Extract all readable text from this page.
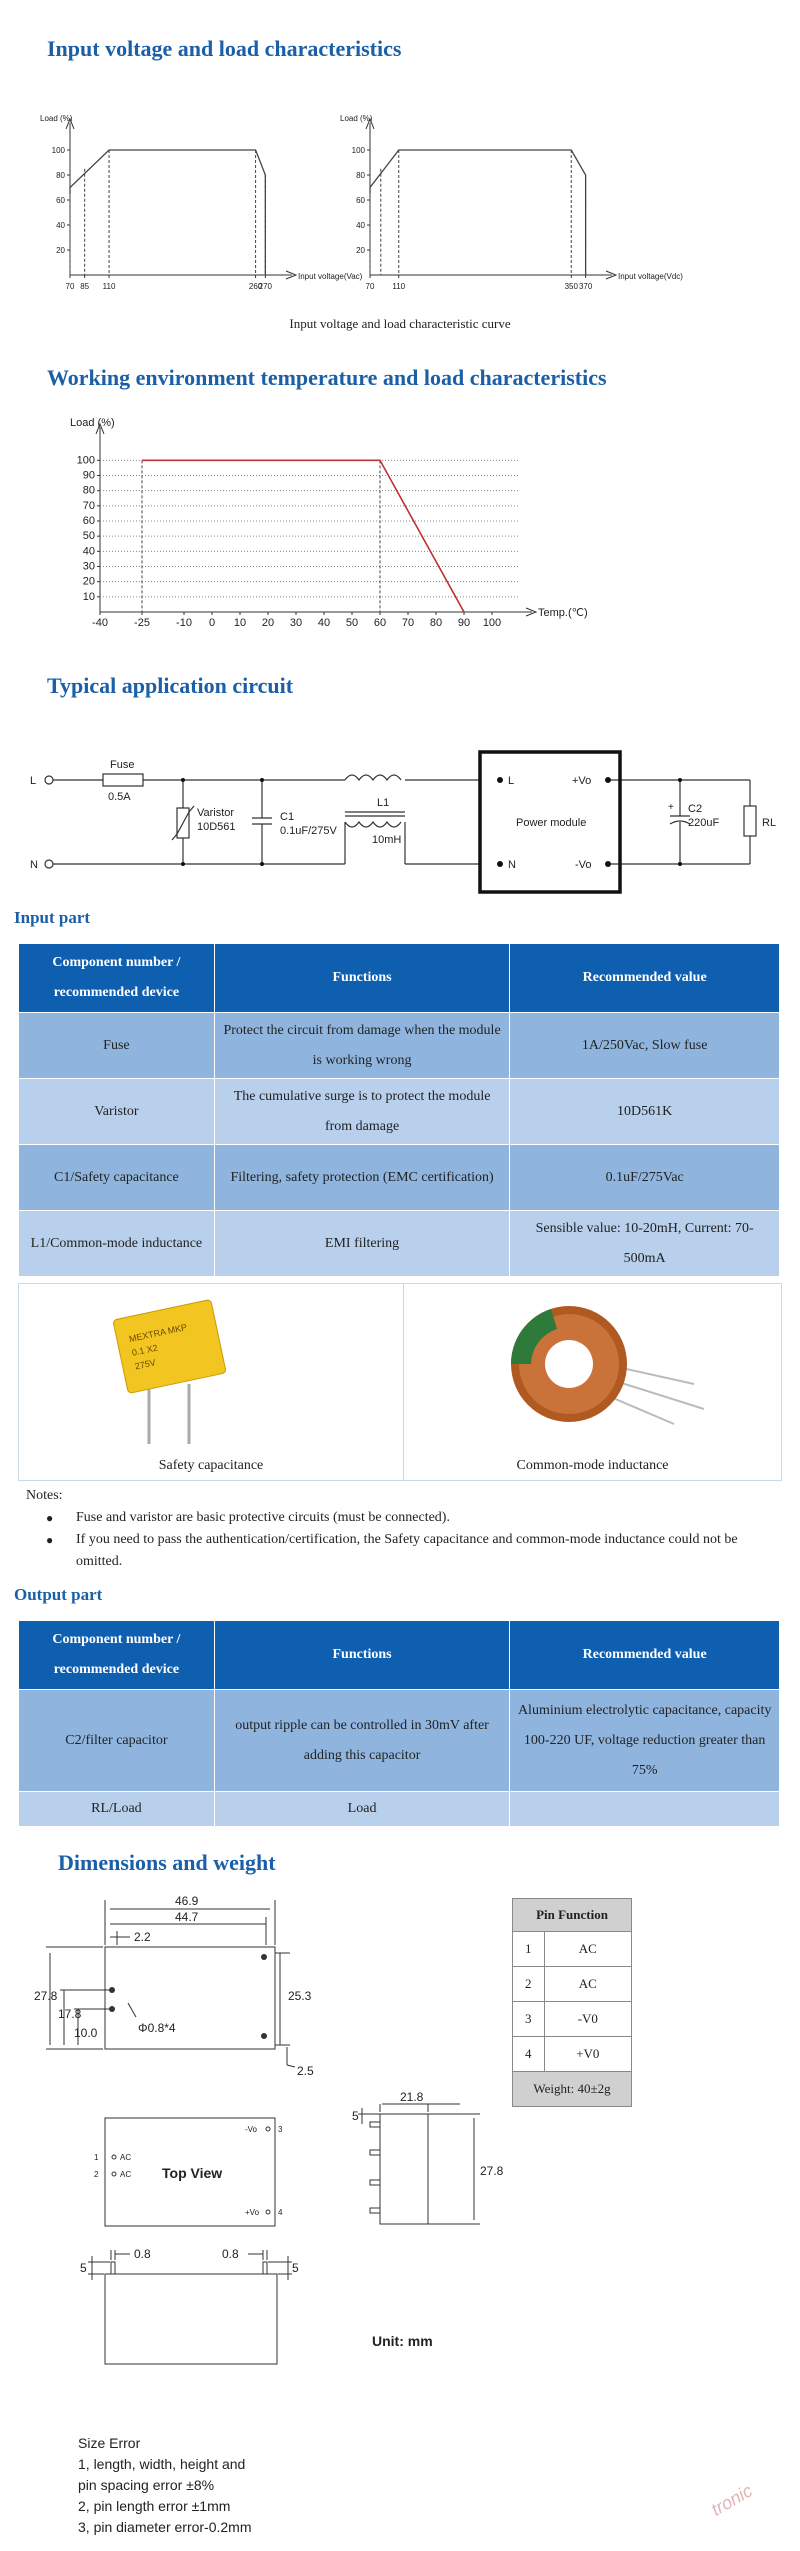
Input voltage and load characteristics
20
40
60
80
100
70 85 110	260
270
Load (%)
Input voltage(Vac)
20
40
60
80
100
70 110	350 370
Load (%)
Input voltage(Vdc)
Input voltage and load characteristic curve
Working environment temperature and load characteristics
10
20
30
40
50
60
70
80
90
100
-40 -25 -10 0 10 20 30 40 50 60 70 80 90 100
Load (%)
Temp.(℃)
Typical application circuit
L
N
Fuse
0.5A
Varistor
10D561
C1
0.1uF/275V
L1
10mH
L
N
+Vo
-Vo
Power module
C2
220uF	RL
+
Input part
Component number / recommended device	Functions	Recommended value
Fuse	Protect the circuit from damage when the module is working wrong	1A/250Vac, Slow fuse
Varistor	The cumulative surge is to protect the module from damage	10D561K
C1/Safety capacitance	Filtering, safety protection (EMC certification)	0.1uF/275Vac
L1/Common-mode inductance	EMI filtering	Sensible value: 10-20mH, Current: 70-500mA
MEXTRA MKP
0.1 X2
275V
Safety capacitance	Common-mode inductance
Notes:
● Fuse and varistor are basic protective circuits (must be connected).
● If you need to pass the authentication/certification, the Safety capacitance and common-mode inductance could not be omitted.
Output part
Component number / recommended device	Functions	Recommended value
C2/filter capacitor	output ripple can be controlled in 30mV after adding this capacitor	Aluminium electrolytic capacitance, capacity 100-220 UF, voltage reduction greater than 75%
RL/Load	Load	
Dimensions and weight
46.9
44.7
2.2
27.8
17.8
10.0	Φ0.8*4
25.3
2.5
Pin Function	
1	AC
2	AC
3	-V0
4	+V0
Weight: 40±2g	
1
2
AC
AC
-Vo
+Vo
3
4
Top View
21.8
5
27.8
0.8	0.8
5	5
Unit: mm
Size Error
1, length, width, height and
pin spacing error ±8%
2, pin length error ±1mm
3, pin diameter error-0.2mm
tronic
